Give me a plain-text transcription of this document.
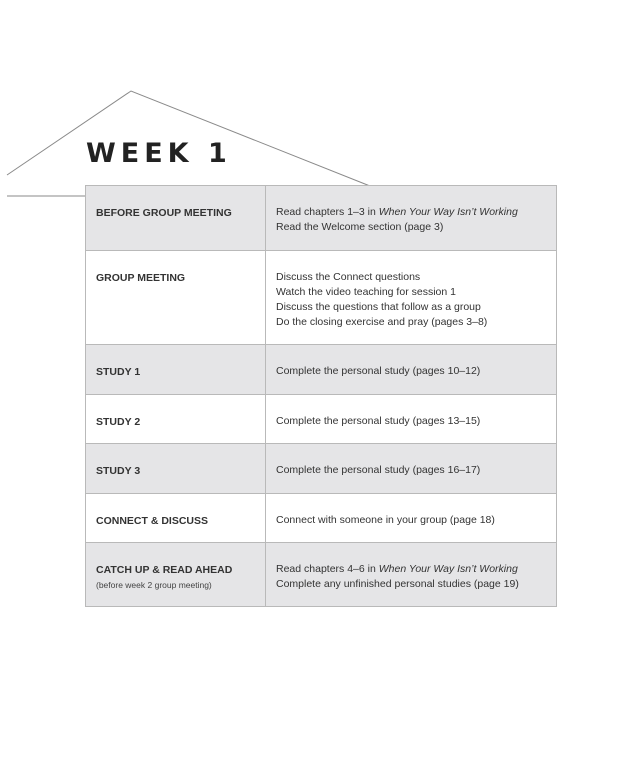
WEEK 1
BEFORE GROUP MEETING	Read chapters 1–3 in When Your Way Isn’t Working
Read the Welcome section (page 3)

GROUP MEETING	Discuss the Connect questions
Watch the video teaching for session 1
Discuss the questions that follow as a group
Do the closing exercise and pray (pages 3–8)

STUDY 1	Complete the personal study (pages 10–12)

STUDY 2	Complete the personal study (pages 13–15)

STUDY 3	Complete the personal study (pages 16–17)

CONNECT & DISCUSS	Connect with someone in your group (page 18)

CATCH UP & READ AHEAD
(before week 2 group meeting)	Read chapters 4–6 in When Your Way Isn’t Working
Complete any unfinished personal studies (page 19)
